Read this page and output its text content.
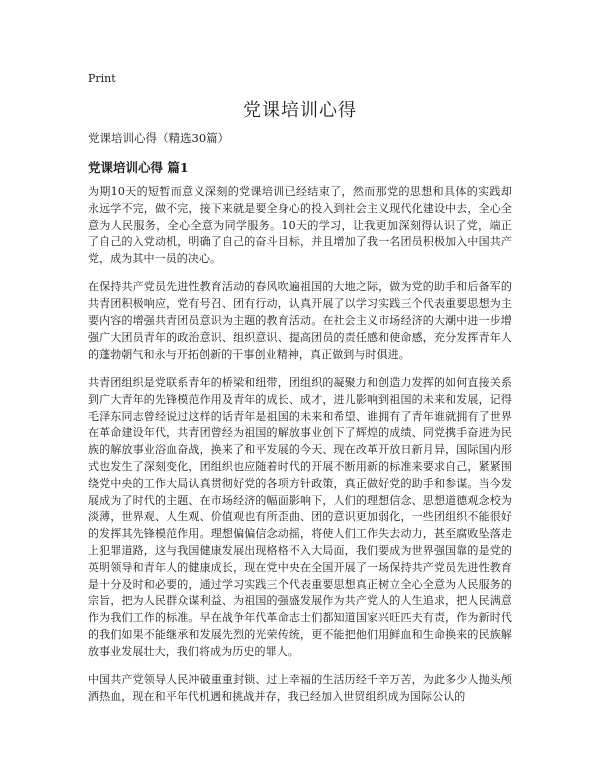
Print
党课培训心得
党课培训心得（精选30篇）
党课培训心得 篇1

为期10天的短暂而意义深刻的党课培训已经结束了，然而那党的思想和具体的实践却永远学不完，做不完，接下来就是要全身心的投入到社会主义现代化建设中去，全心全意为人民服务，全心全意为同学服务。10天的学习，让我更加深刻得认识了党，端正了自己的入党动机，明确了自己的奋斗目标，并且增加了我一名团员积极加入中国共产党，成为其中一员的决心。

在保持共产党员先进性教育活动的春风吹遍祖国的大地之际，做为党的助手和后备军的共青团积极响应，党有号召、团有行动，认真开展了以学习实践三个代表重要思想为主要内容的增强共青团员意识为主题的教育活动。在社会主义市场经济的大潮中进一步增强广大团员青年的政治意识、组织意识、提高团员的责任感和使命感，充分发挥青年人的蓬勃朝气和永与开拓创新的干事创业精神，真正做到与时俱进。

共青团组织是党联系青年的桥梁和纽带，团组织的凝聚力和创造力发挥的如何直接关系到广大青年的先锋模范作用及青年的成长、成才，进儿影响到祖国的未来和发展，记得毛泽东同志曾经说过这样的话青年是祖国的未来和希望、谁拥有了青年谁就拥有了世界在革命建设年代，共青团曾经为祖国的解放事业创下了辉煌的成绩、同党携手奋进为民族的解放事业浴血奋战，换来了和平发展的今天、现在改革开放日新月异，国际国内形式也发生了深刻变化，团组织也应随着时代的开展不断用新的标准来要求自己，紧紧围绕党中央的工作大局认真贯彻好党的各项方针政策，真正做好党的助手和参谋。当今发展成为了时代的主题、在市场经济的幅面影响下，人们的理想信念、思想道德观念校为淡薄，世界观、人生观、价值观也有所歪曲、团的意识更加弱化，一些团组织不能很好的发挥其先锋模范作用。理想偏偏信念动摇，将使人们工作失去动力，甚至腐败坠落走上犯罪道路，这与我国健康发展出现格格不入大局面，我们要成为世界强国靠的是党的英明领导和青年人的健康成长，现在党中央在全国开展了一场保持共产党员先进性教育是十分及时和必要的，通过学习实践三个代表重要思想真正树立全心全意为人民服务的宗旨，把为人民群众谋利益、为祖国的强盛发展作为共产党人的人生追求，把人民满意作为我们工作的标准。早在战争年代革命志士们都知道国家兴旺匹夫有责，作为新时代的我们如果不能继承和发展先烈的光荣传统，更不能把他们用鲜血和生命换来的民族解放事业发展壮大，我们将成为历史的罪人。

中国共产党领导人民冲破重重封锁、过上幸福的生活历经千辛万苦，为此多少人抛头颅洒热血，现在和平年代机遇和挑战并存，我已经加入世贸组织成为国际公认的
